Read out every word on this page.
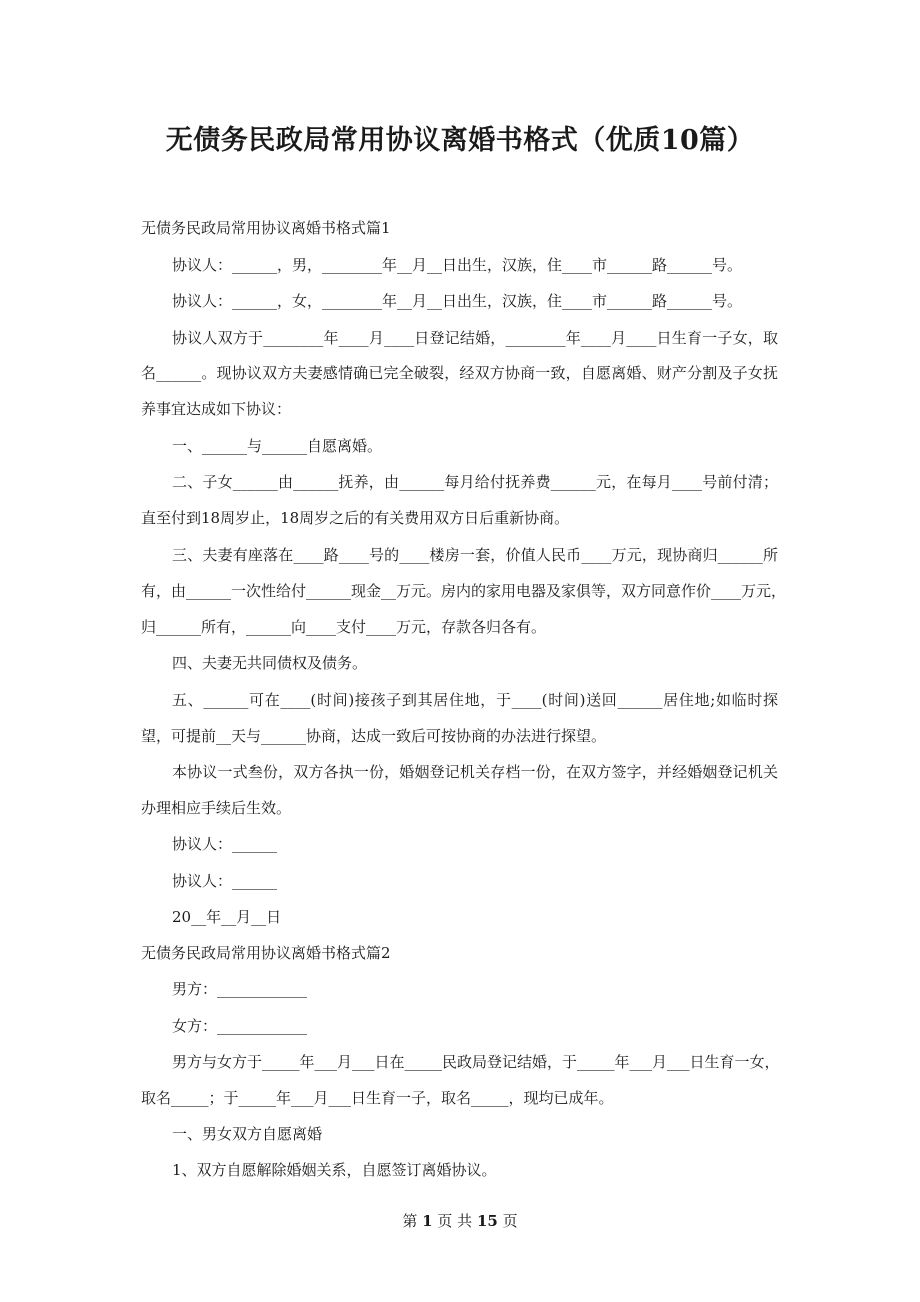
无债务民政局常用协议离婚书格式（优质10篇）

无债务民政局常用协议离婚书格式篇1

协议人：______，男，________年__月__日出生，汉族，住____市______路______号。

协议人：______，女，________年__月__日出生，汉族，住____市______路______号。

协议人双方于________年____月____日登记结婚，________年____月____日生育一子女，取

名______。现协议双方夫妻感情确已完全破裂，经双方协商一致，自愿离婚、财产分割及子女抚

养事宜达成如下协议：

一、______与______自愿离婚。

二、子女______由______抚养，由______每月给付抚养费______元，在每月____号前付清；

直至付到18周岁止，18周岁之后的有关费用双方日后重新协商。

三、夫妻有座落在____路____号的____楼房一套，价值人民币____万元，现协商归______所

有，由______一次性给付______现金__万元。房内的家用电器及家俱等，双方同意作价____万元，

归______所有，______向____支付____万元，存款各归各有。

四、夫妻无共同债权及债务。

五、______可在____(时间)接孩子到其居住地，于____(时间)送回______居住地;如临时探

望，可提前__天与______协商，达成一致后可按协商的办法进行探望。

本协议一式叁份，双方各执一份，婚姻登记机关存档一份，在双方签字，并经婚姻登记机关

办理相应手续后生效。

协议人：______

协议人：______

20__年__月__日

无债务民政局常用协议离婚书格式篇2

男方：____________

女方：____________

男方与女方于_____年___月___日在_____民政局登记结婚，于_____年___月___日生育一女，

取名_____；于_____年___月___日生育一子，取名_____，现均已成年。

一、男女双方自愿离婚

1、双方自愿解除婚姻关系，自愿签订离婚协议。

第 1 页 共 15 页
